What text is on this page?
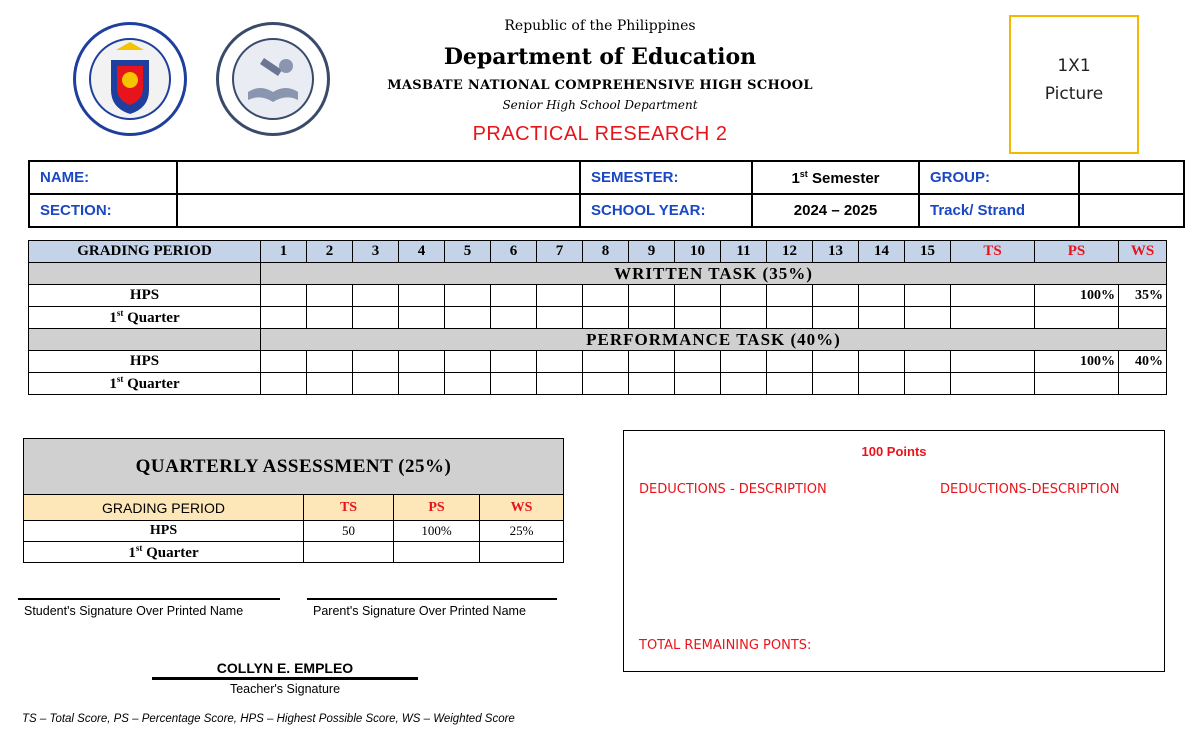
Republic of the Philippines
Department of Education
MASBATE NATIONAL COMPREHENSIVE HIGH SCHOOL
Senior High School Department
PRACTICAL RESEARCH 2
1X1
Picture
NAME:		SEMESTER:	1st Semester	GROUP:	
SECTION:		SCHOOL YEAR:	2024 – 2025	Track/ Strand	
GRADING PERIOD	1	2	3	4	5	6	7	8	9	10	11	12	13	14	15	TS	PS	WS
	WRITTEN TASK (35%)																	
HPS																	100%	35%
1st Quarter																		
	PERFORMANCE TASK (40%)																	
HPS																	100%	40%
1st Quarter																		
QUARTERLY ASSESSMENT (25%)			
GRADING PERIOD	TS	PS	WS
HPS	50	100%	25%
1st Quarter			
100 Points
DEDUCTIONS - DESCRIPTION	DEDUCTIONS-DESCRIPTION
TOTAL REMAINING PONTS:
Student's Signature Over Printed Name	Parent's Signature Over Printed Name
COLLYN E. EMPLEO
Teacher's Signature
TS – Total Score, PS – Percentage Score, HPS – Highest Possible Score, WS – Weighted Score
